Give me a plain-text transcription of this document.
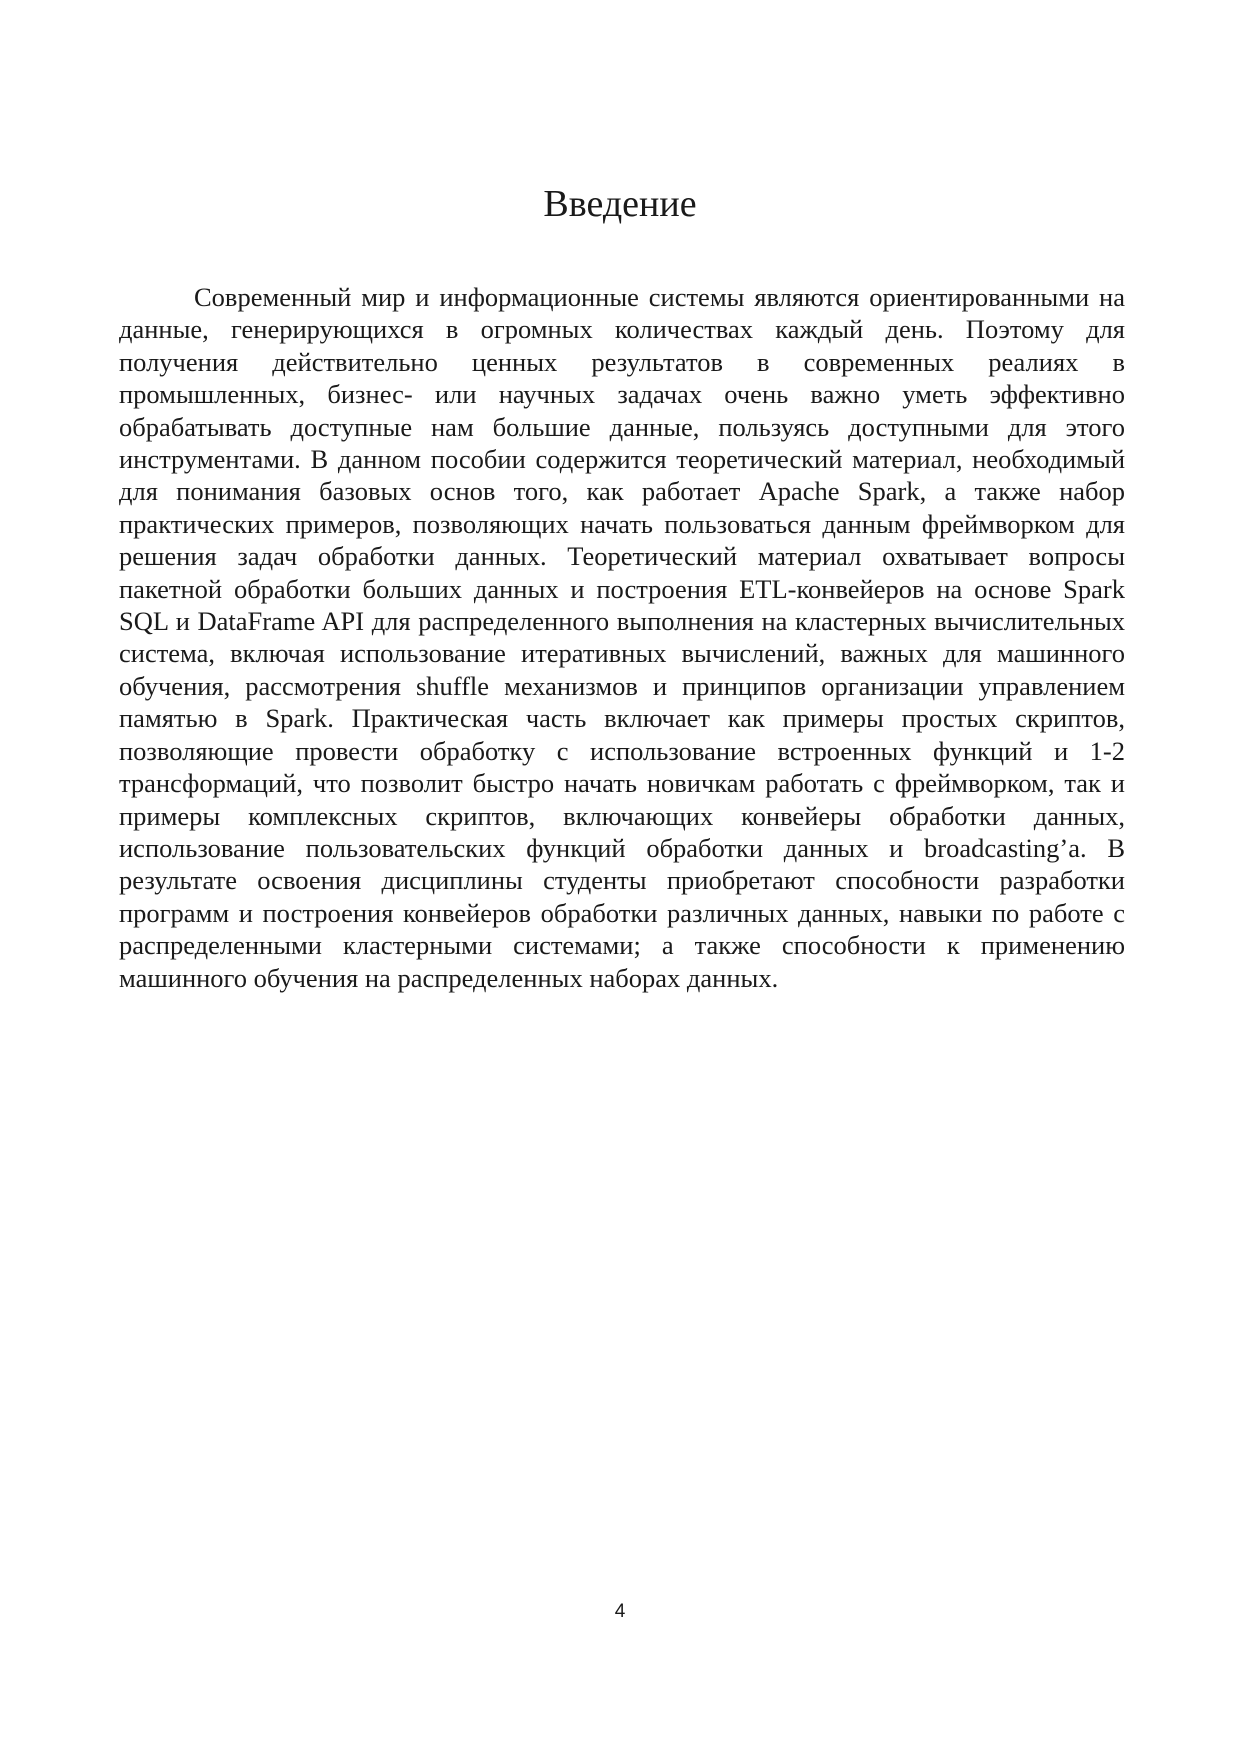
Введение

Современный мир и информационные системы являются ориентированными на данные, генерирующихся в огромных количествах каждый день. Поэтому для получения действительно ценных результатов в современных реалиях в промышленных, бизнес- или научных задачах очень важно уметь эффективно обрабатывать доступные нам большие данные, пользуясь доступными для этого инструментами. В данном пособии содержится теоретический материал, необходимый для понимания базовых основ того, как работает Apache Spark, а также набор практических примеров, позволяющих начать пользоваться данным фреймворком для решения задач обработки данных. Теоретический материал охватывает вопросы пакетной обработки больших данных и построения ETL-конвейеров на основе Spark SQL и DataFrame API для распределенного выполнения на кластерных вычислительных система, включая использование итеративных вычислений, важных для машинного обучения, рассмотрения shuffle механизмов и принципов организации управлением памятью в Spark. Практическая часть включает как примеры простых скриптов, позволяющие провести обработку с использование встроенных функций и 1-2 трансформаций, что позволит быстро начать новичкам работать с фреймворком, так и примеры комплексных скриптов, включающих конвейеры обработки данных, использование пользовательских функций обработки данных и broadcasting’a. В результате освоения дисциплины студенты приобретают способности разработки программ и построения конвейеров обработки различных данных, навыки по работе с распределенными кластерными системами; а также способности к применению машинного обучения на распределенных наборах данных.

4
